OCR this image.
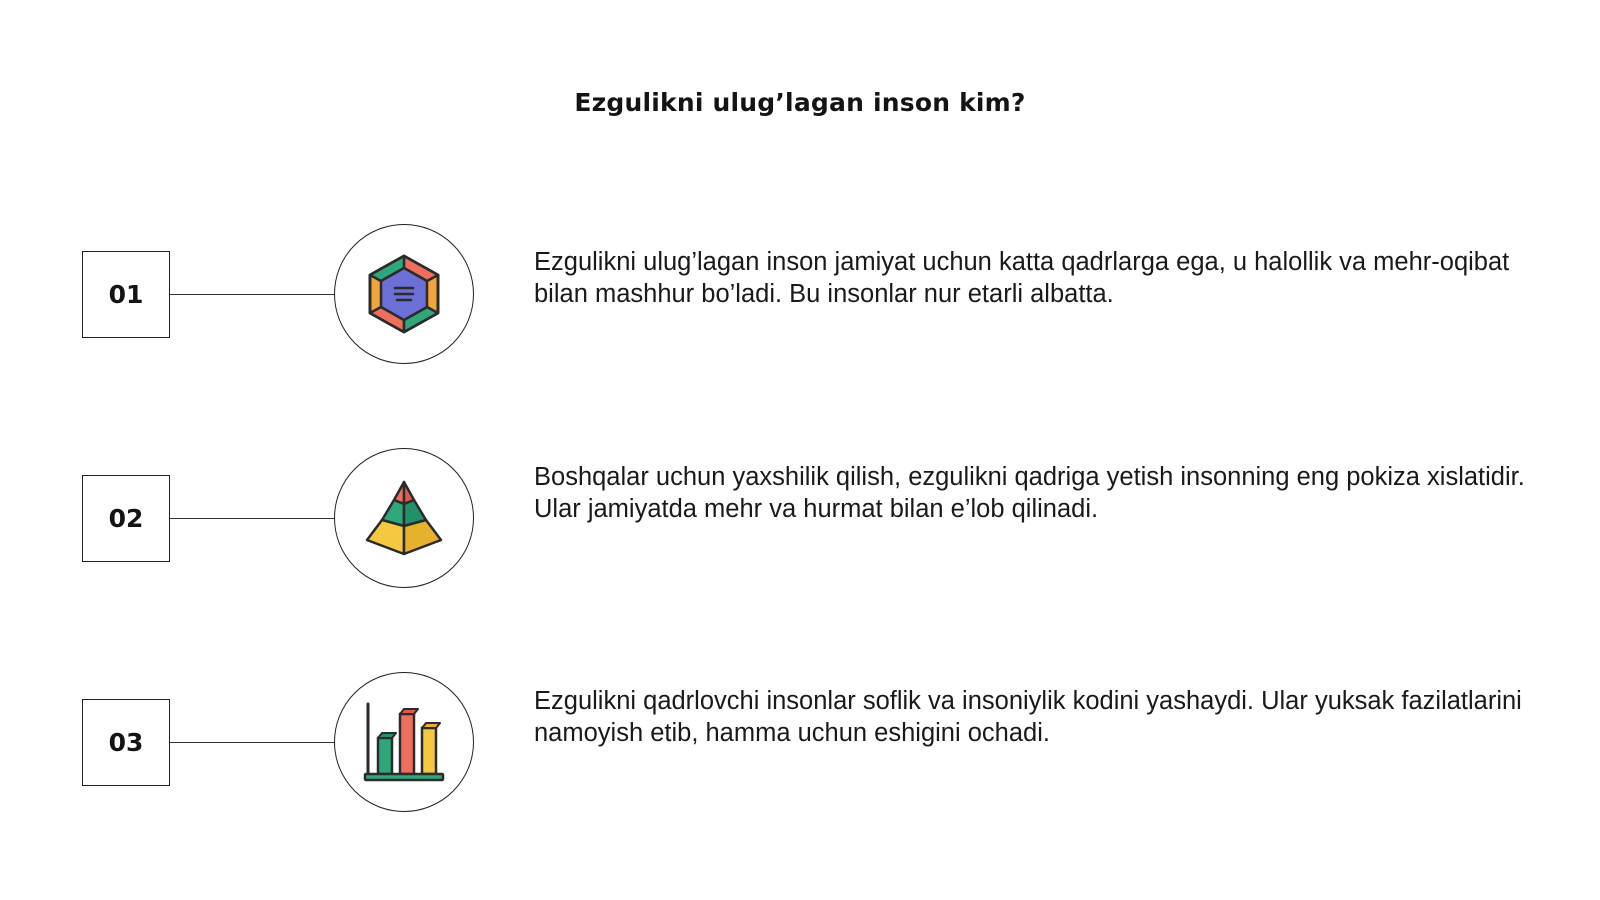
Ezgulikni ulug’lagan inson kim?
01
Ezgulikni ulug’lagan inson jamiyat uchun katta qadrlarga ega, u halollik va mehr-oqibat bilan mashhur bo’ladi. Bu insonlar nur etarli albatta.
02
Boshqalar uchun yaxshilik qilish, ezgulikni qadriga yetish insonning eng pokiza xislatidir. Ular jamiyatda mehr va hurmat bilan e’lob qilinadi.
03
Ezgulikni qadrlovchi insonlar soflik va insoniylik kodini yashaydi. Ular yuksak fazilatlarini namoyish etib, hamma uchun eshigini ochadi.
